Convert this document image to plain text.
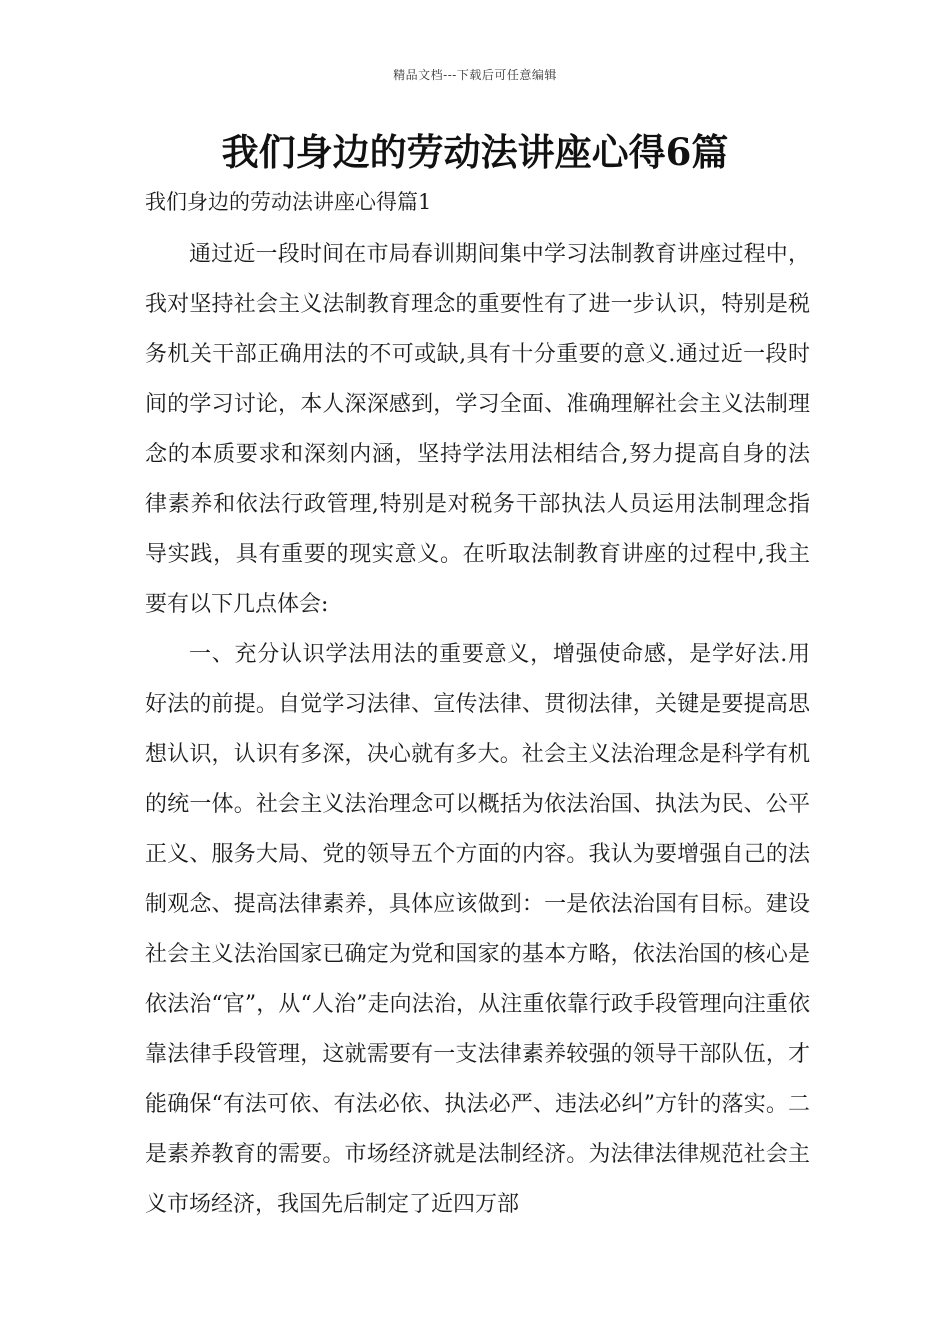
精品文档---下载后可任意编辑
我们身边的劳动法讲座心得6篇

我们身边的劳动法讲座心得篇1

通过近一段时间在市局春训期间集中学习法制教育讲座过程中，我对坚持社会主义法制教育理念的重要性有了进一步认识，特别是税务机关干部正确用法的不可或缺,具有十分重要的意义.通过近一段时间的学习讨论，本人深深感到，学习全面、准确理解社会主义法制理念的本质要求和深刻内涵，坚持学法用法相结合,努力提高自身的法律素养和依法行政管理,特别是对税务干部执法人员运用法制理念指导实践，具有重要的现实意义。在听取法制教育讲座的过程中,我主要有以下几点体会:

一、充分认识学法用法的重要意义，增强使命感，是学好法.用好法的前提。自觉学习法律、宣传法律、贯彻法律，关键是要提高思想认识，认识有多深，决心就有多大。社会主义法治理念是科学有机的统一体。社会主义法治理念可以概括为依法治国、执法为民、公平正义、服务大局、党的领导五个方面的内容。我认为要增强自己的法制观念、提高法律素养，具体应该做到：一是依法治国有目标。建设社会主义法治国家已确定为党和国家的基本方略，依法治国的核心是依法治“官”，从“人治”走向法治，从注重依靠行政手段管理向注重依靠法律手段管理，这就需要有一支法律素养较强的领导干部队伍，才能确保“有法可依、有法必依、执法必严、违法必纠”方针的落实。二是素养教育的需要。市场经济就是法制经济。为法律法律规范社会主义市场经济，我国先后制定了近四万部
